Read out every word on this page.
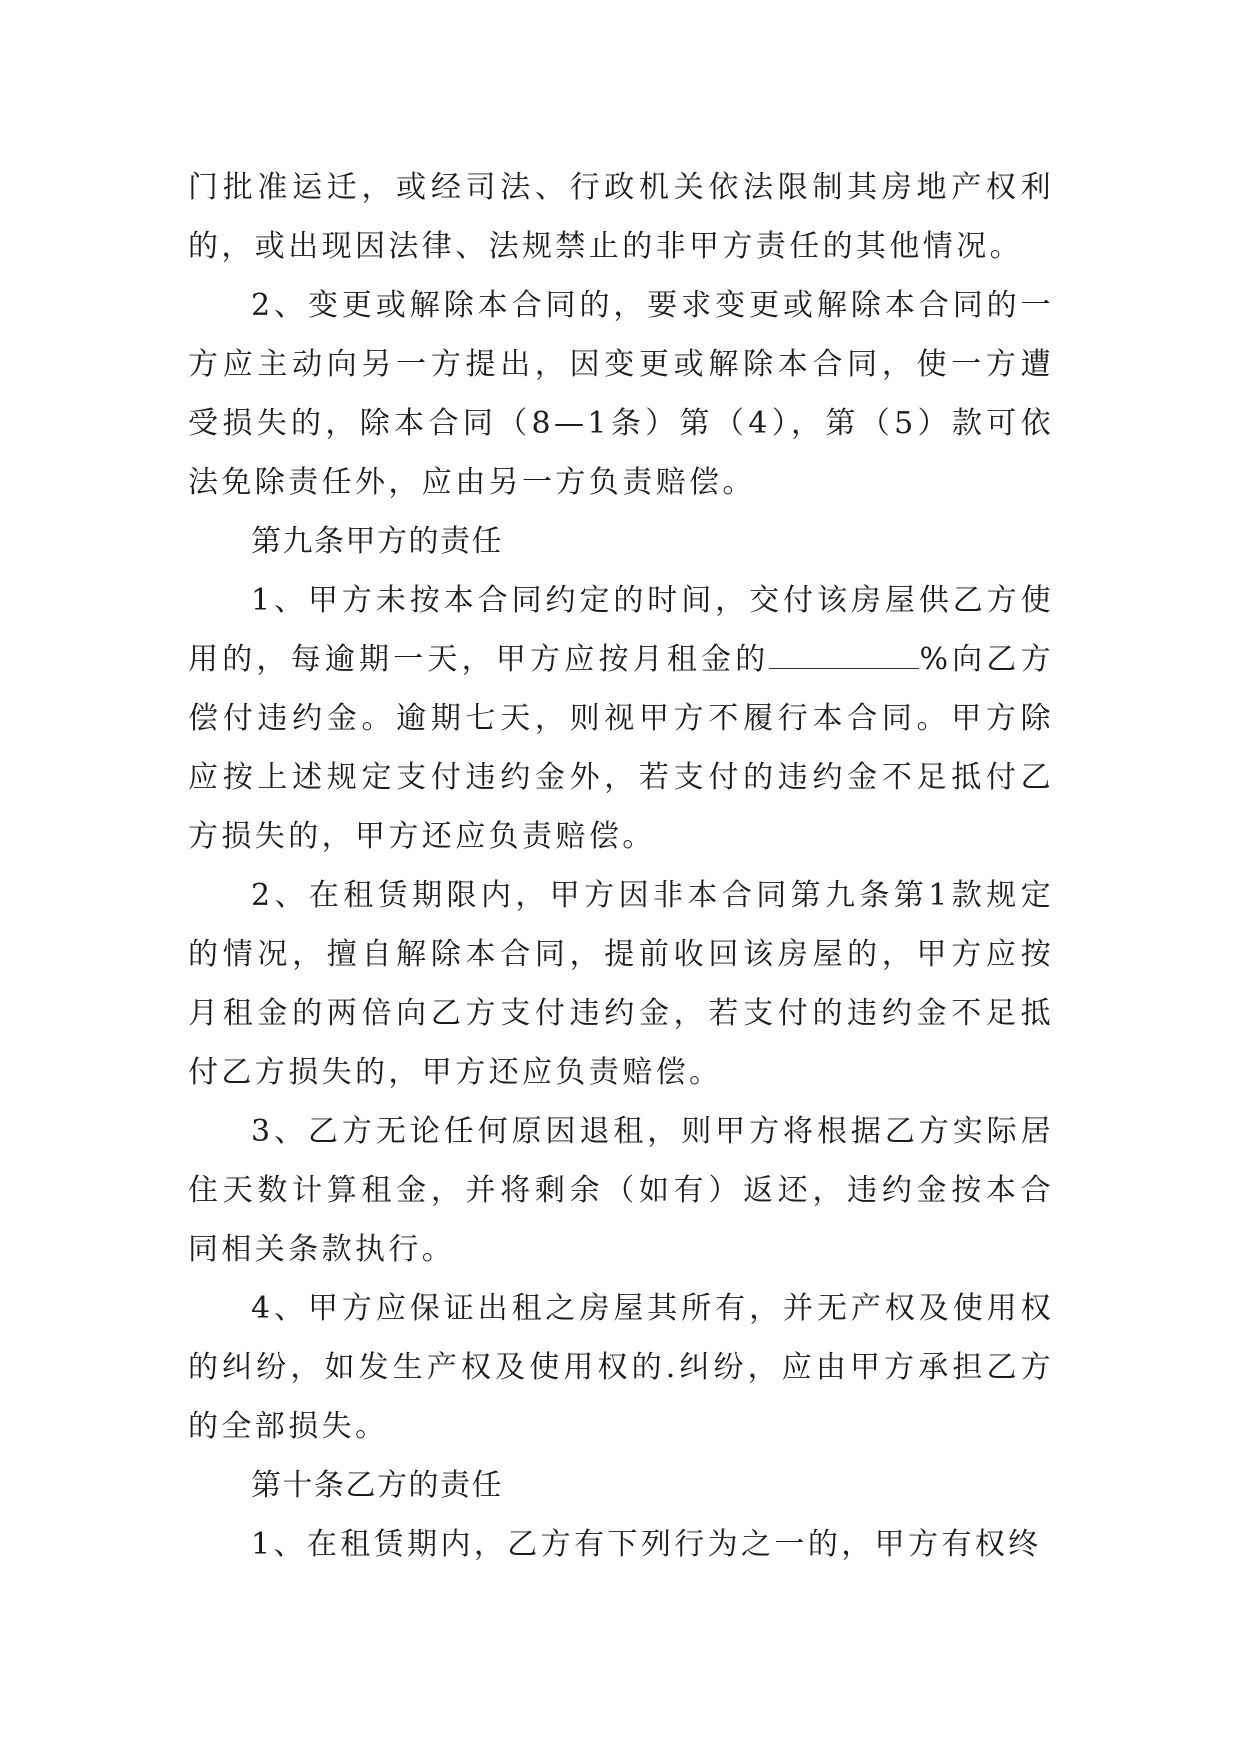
门批准运迁，或经司法、行政机关依法限制其房地产权利的，或出现因法律、法规禁止的非甲方责任的其他情况。

2、变更或解除本合同的，要求变更或解除本合同的一方应主动向另一方提出，因变更或解除本合同，使一方遭受损失的，除本合同（8—1条）第（4），第（5）款可依法免除责任外，应由另一方负责赔偿。

第九条甲方的责任

1、甲方未按本合同约定的时间，交付该房屋供乙方使用的，每逾期一天，甲方应按月租金的	%向乙方偿付违约金。逾期七天，则视甲方不履行本合同。甲方除应按上述规定支付违约金外，若支付的违约金不足抵付乙方损失的，甲方还应负责赔偿。

2、在租赁期限内，甲方因非本合同第九条第1款规定的情况，擅自解除本合同，提前收回该房屋的，甲方应按月租金的两倍向乙方支付违约金，若支付的违约金不足抵付乙方损失的，甲方还应负责赔偿。

3、乙方无论任何原因退租，则甲方将根据乙方实际居住天数计算租金，并将剩余（如有）返还，违约金按本合同相关条款执行。

4、甲方应保证出租之房屋其所有，并无产权及使用权的纠纷，如发生产权及使用权的.纠纷，应由甲方承担乙方的全部损失。

第十条乙方的责任

1、在租赁期内，乙方有下列行为之一的，甲方有权终
